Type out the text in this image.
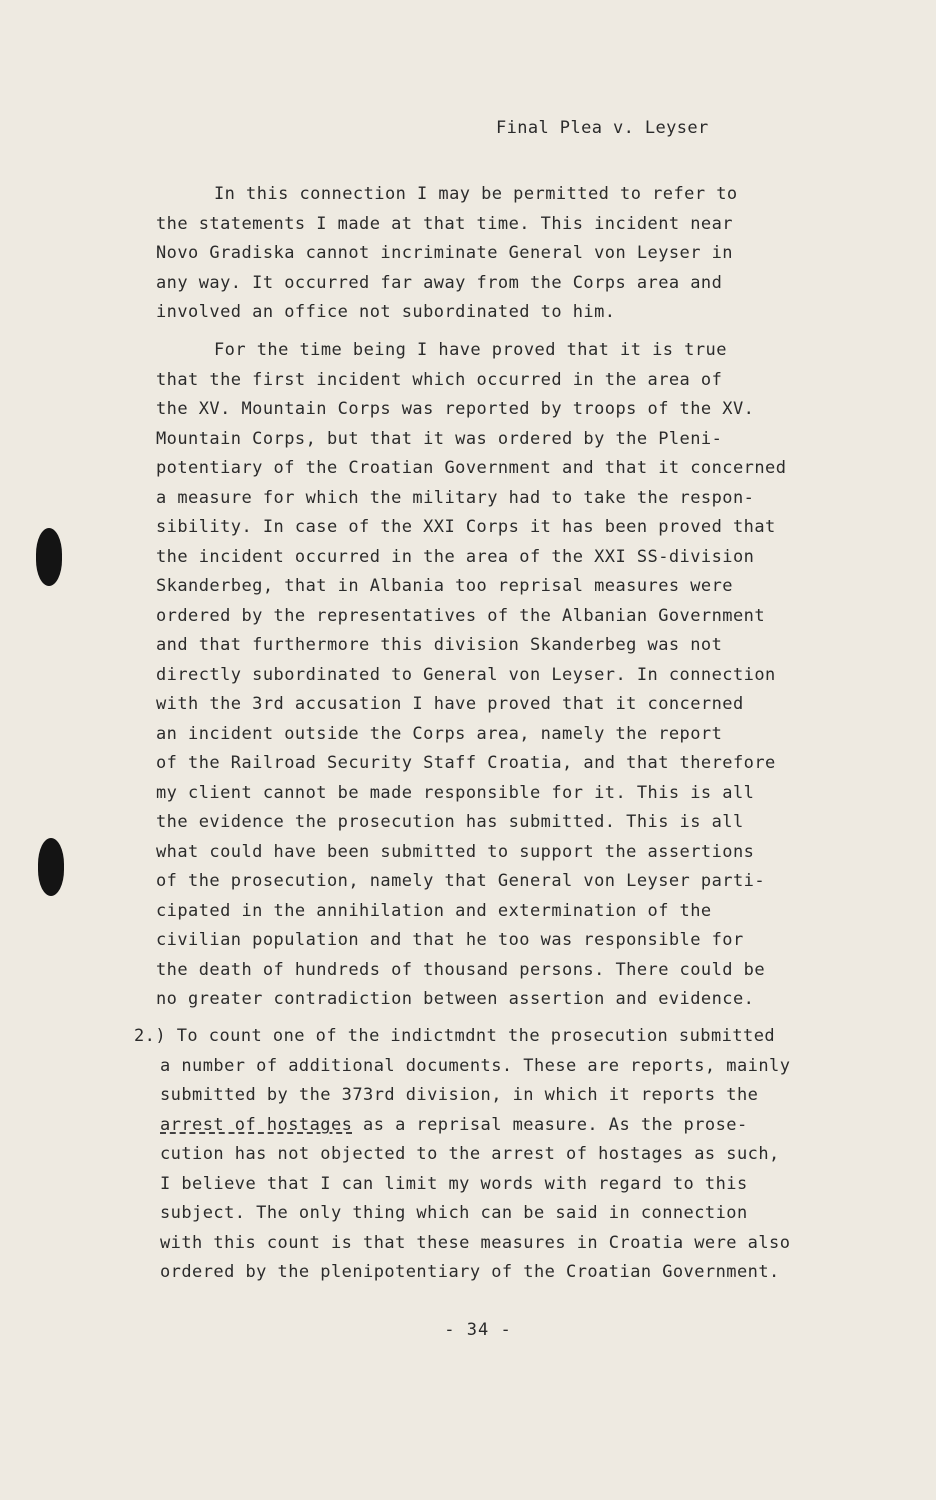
Final Plea v. Leyser
In this connection I may be permitted to refer to
the statements I made at that time. This incident near
Novo Gradiska cannot incriminate General von Leyser in
any way. It occurred far away from the Corps area and
involved an office not subordinated to him.
For the time being I have proved that it is true
that the first incident which occurred in the area of
the XV. Mountain Corps was reported by troops of the XV.
Mountain Corps, but that it was ordered by the Pleni-
potentiary of the Croatian Government and that it concerned
a measure for which the military had to take the respon-
sibility. In case of the XXI Corps it has been proved that
the incident occurred in the area of the XXI SS-division
Skanderbeg, that in Albania too reprisal measures were
ordered by the representatives of the Albanian Government
and that furthermore this division Skanderbeg was not
directly subordinated to General von Leyser. In connection
with the 3rd accusation I have proved that it concerned
an incident outside the Corps area, namely the report
of the Railroad Security Staff Croatia, and that therefore
my client cannot be made responsible for it. This is all
the evidence the prosecution has submitted. This is all
what could have been submitted to support the assertions
of the prosecution, namely that General von Leyser parti-
cipated in the annihilation and extermination of the
civilian population and that he too was responsible for
the death of hundreds of thousand persons. There could be
no greater contradiction between assertion and evidence.
2.) To count one of the indictmdnt the prosecution submitted
a number of additional documents. These are reports, mainly
submitted by the 373rd division, in which it reports the
arrest of hostages as a reprisal measure. As the prose-
cution has not objected to the arrest of hostages as such,
I believe that I can limit my words with regard to this
subject. The only thing which can be said in connection
with this count is that these measures in Croatia were also
ordered by the plenipotentiary of the Croatian Government.
- 34 -
